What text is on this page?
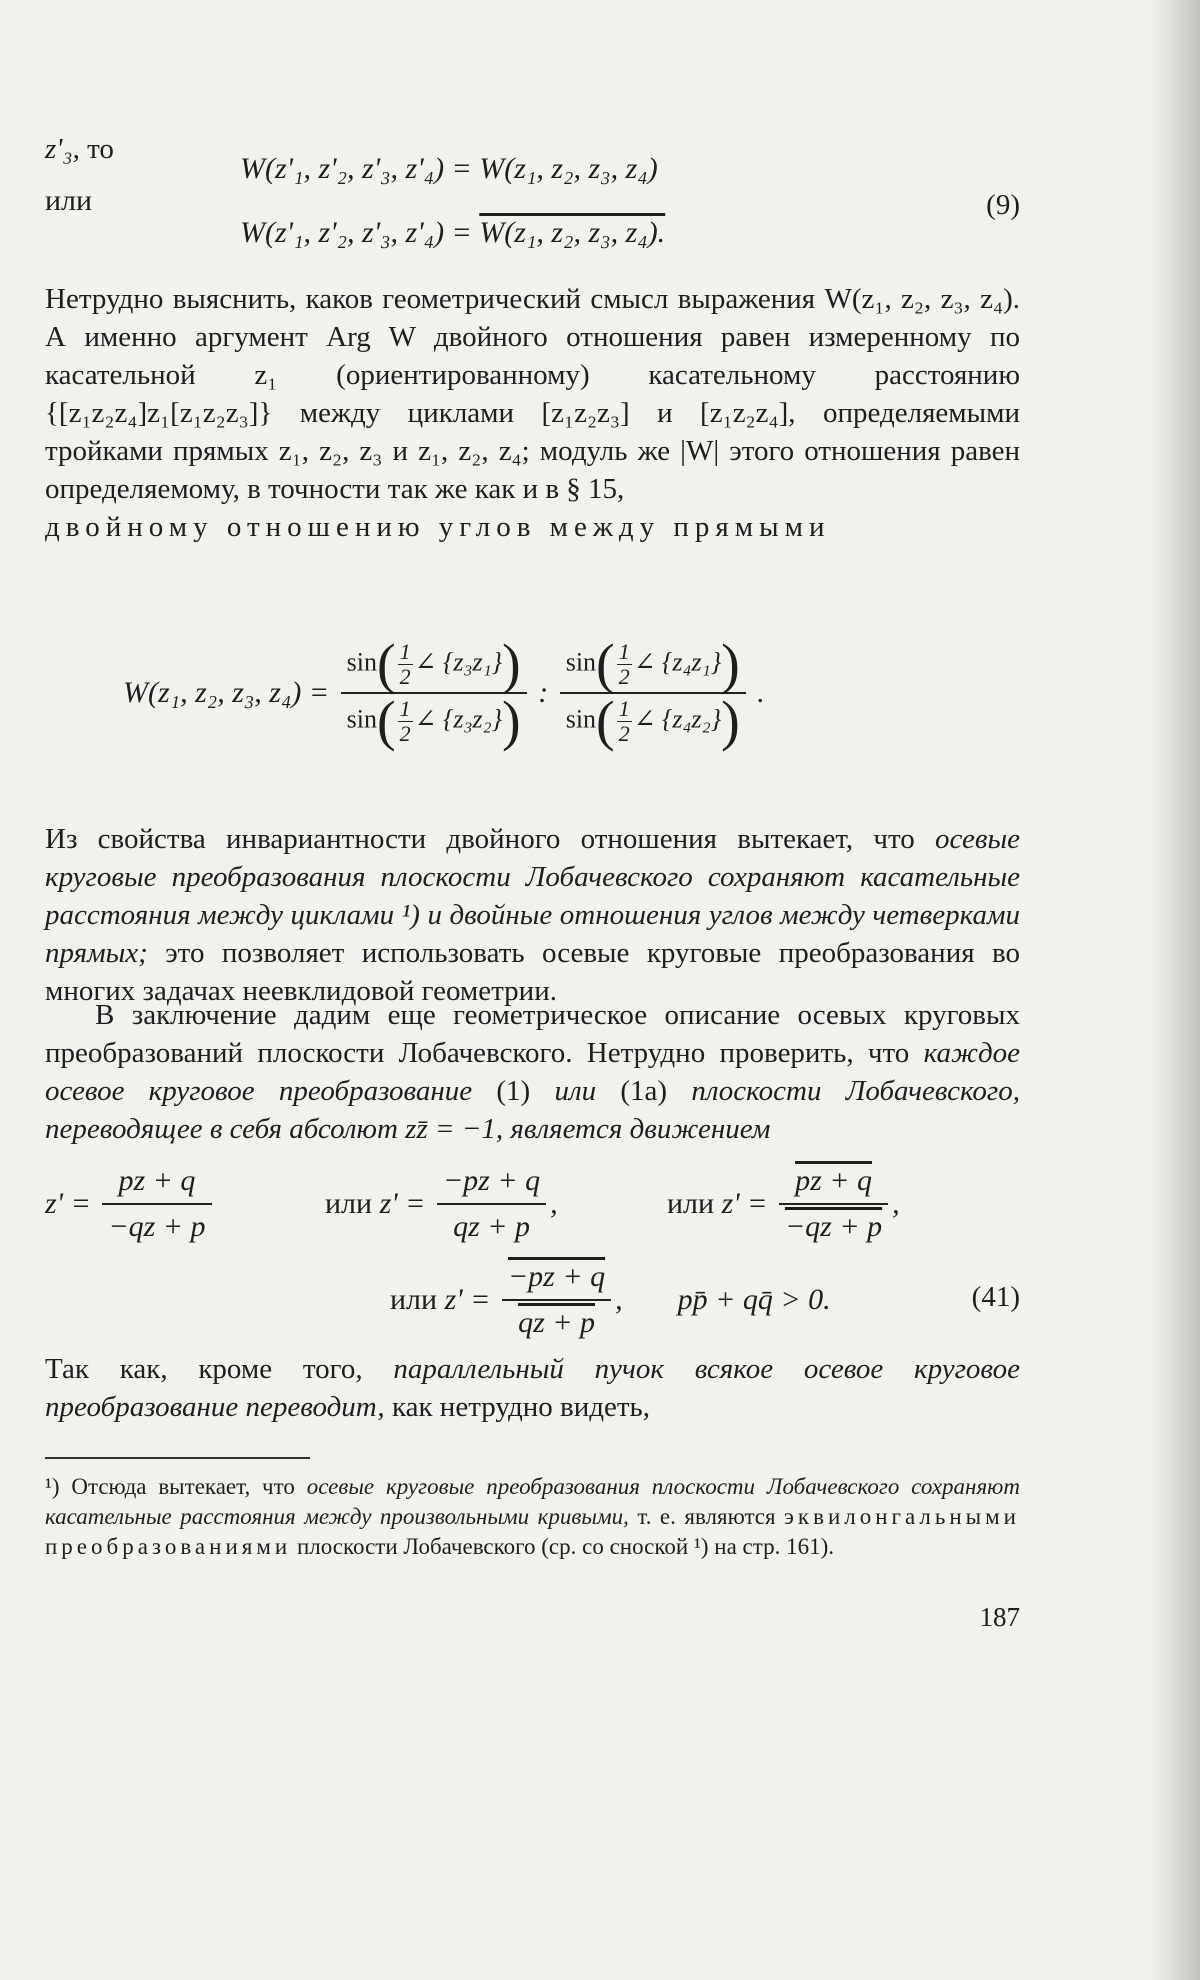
z'₃, то
W(z'₁, z'₂, z'₃, z'₄) = W(z₁, z₂, z₃, z₄)
или	(9)
W(z'₁, z'₂, z'₃, z'₄) = W(z₁, z₂, z₃, z₄).

Нетрудно выяснить, каков геометрический смысл выражения W(z₁, z₂, z₃, z₄). А именно аргумент Arg W двойного отношения равен измеренному по касательной z₁ (ориентированному) касательному расстоянию {[z₁z₂z₄]z₁[z₁z₂z₃]} между циклами [z₁z₂z₃] и [z₁z₂z₄], определяемыми тройками прямых z₁, z₂, z₃ и z₁, z₂, z₄; модуль же |W| этого отношения равен определяемому, в точности так же как и в § 15,

двойному отношению углов между прямыми

W(z₁, z₂, z₃, $z_4) = \frac{\sin( \frac{1}{2} \angle \{z_3z_1\})}{\sin( \frac{1}{2} \angle \{z_3z_2\})}$ : $\frac{\sin( \frac{1}{2} \angle \{z_4z_1\})}{\sin( \frac{1}{2} \angle \{z_4z_2\})}$ .
Из свойства инвариантности двойного отношения вытекает, что осевые круговые преобразования плоскости Лобачевского сохраняют касательные расстояния между циклами ¹) и двойные отношения углов между четверками прямых; это позволяет использовать осевые круговые преобразования во многих задачах неевклидовой геометрии.
В заключение дадим еще геометрическое описание осевых круговых преобразований плоскости Лобачевского. Нетрудно проверить, что каждое осевое круговое преобразование (1) или (1а) плоскости Лобачевского, переводящее в себя абсолют zz̄ = −1, является движением
$z' = \frac{pz + q}{-qz + p}$	или $z' = \frac{-pz + q}{qz + p}$ ,	или $z' = \frac{pz + q}{-qz + p}$ ,
или $z' = \frac{-pz + q}{qz + p}$ , pp̄ + qq̄ > 0.	(41)
Так как, кроме того, параллельный пучок всякое осевое круговое преобразование переводит, как нетрудно видеть,
¹) Отсюда вытекает, что осевые круговые преобразования плоскости Лобачевского сохраняют касательные расстояния между произвольными кривыми, т. е. являются эквилонгальными преобразованиями плоскости Лобачевского (ср. со сноской ¹) на стр. 161).
187
